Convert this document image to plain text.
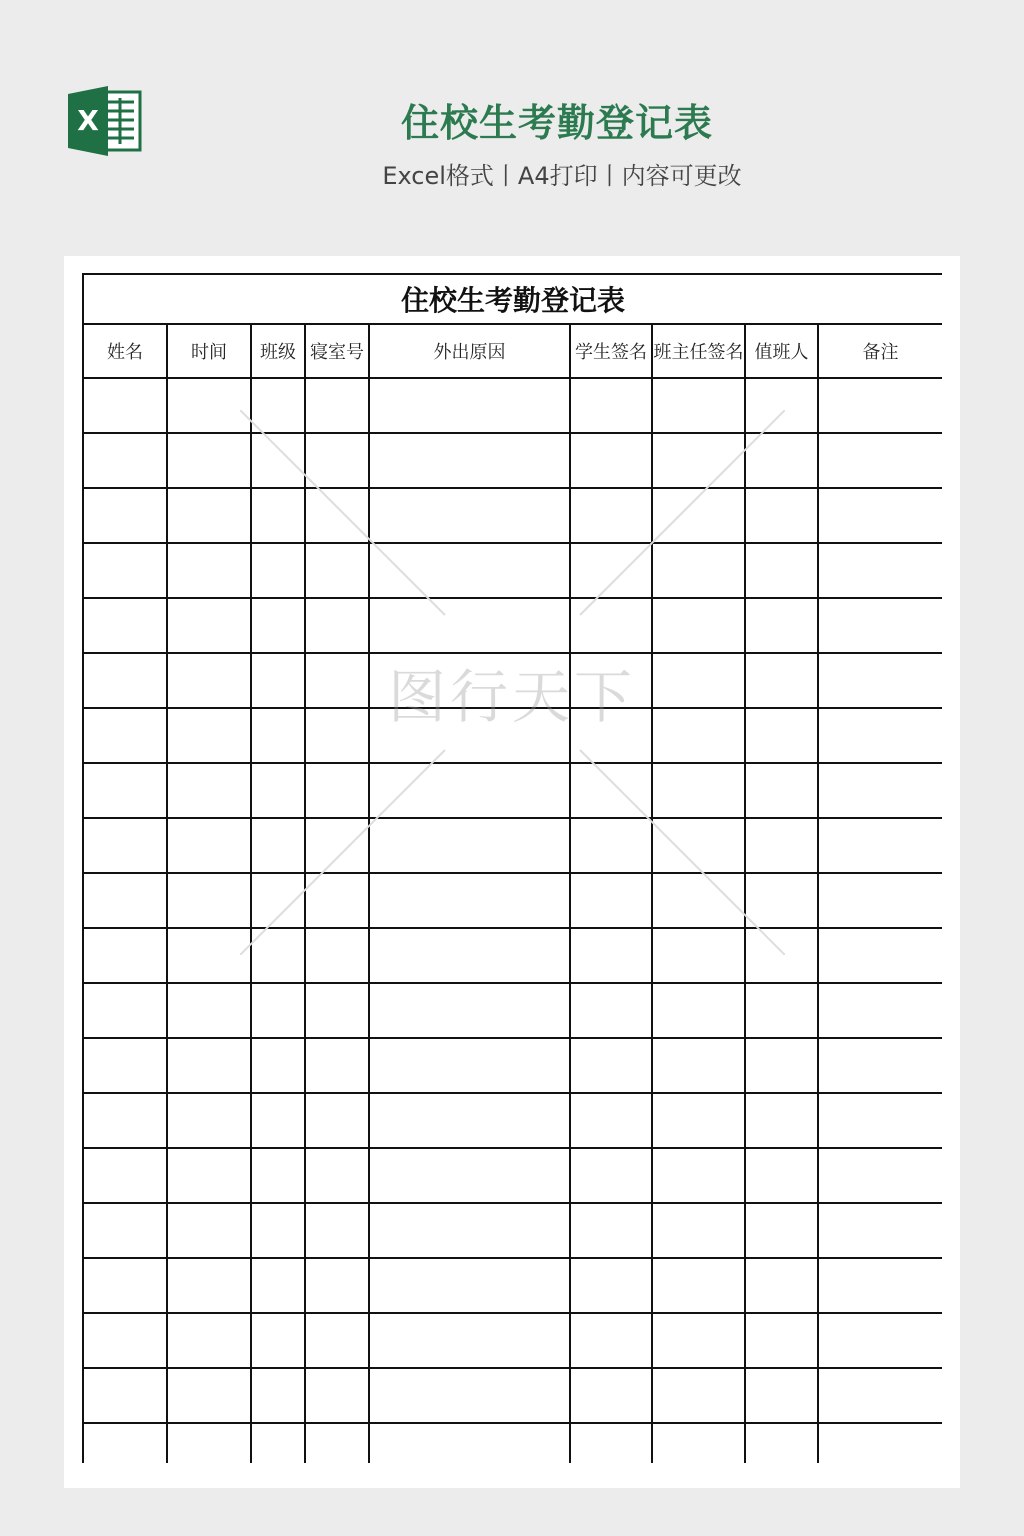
X	住校生考勤登记表
Excel格式丨A4打印丨内容可更改
住校生考勤登记表								
姓名	时间	班级	寝室号	外出原因	学生签名	班主任签名	值班人	备注

图行天下
